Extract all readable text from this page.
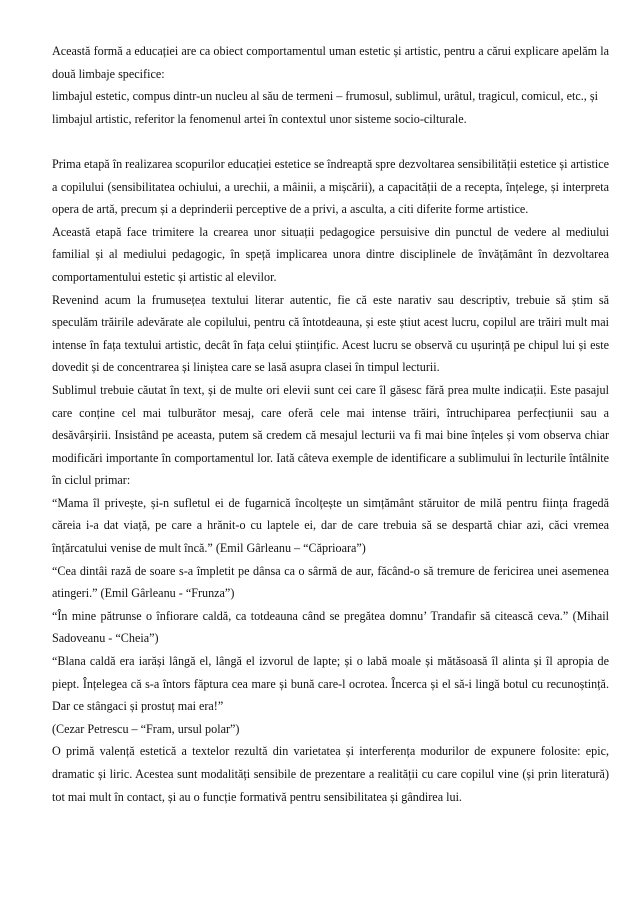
Această formă a educației are ca obiect comportamentul uman estetic și artistic, pentru a cărui explicare apelăm la două limbaje specifice:

limbajul estetic, compus dintr-un nucleu al său de termeni – frumosul, sublimul, urâtul, tragicul, comicul, etc., și

limbajul artistic, referitor la fenomenul artei în contextul unor sisteme socio-cilturale.

Prima etapă în realizarea scopurilor educației estetice se îndreaptă spre dezvoltarea sensibilității estetice și artistice a copilului (sensibilitatea ochiului, a urechii, a mâinii, a mișcării), a capacității de a recepta, înțelege, și interpreta opera de artă, precum și a deprinderii perceptive de a privi, a asculta, a citi diferite forme artistice.

Această etapă face trimitere la crearea unor situații pedagogice persuisive din punctul de vedere al mediului familial și al mediului pedagogic, în speță implicarea unora dintre disciplinele de învățământ în dezvoltarea comportamentului estetic și artistic al elevilor.

Revenind acum la frumusețea textului literar autentic, fie că este narativ sau descriptiv, trebuie să știm să speculăm trăirile adevărate ale copilului, pentru că întotdeauna, și este știut acest lucru, copilul are trăiri mult mai intense în fața textului artistic, decât în fața celui științific. Acest lucru se observă cu ușurință pe chipul lui și este dovedit și de concentrarea și liniștea care se lasă asupra clasei în timpul lecturii.

Sublimul trebuie căutat în text, și de multe ori elevii sunt cei care îl găsesc fără prea multe indicații. Este pasajul care conține cel mai tulburător mesaj, care oferă cele mai intense trăiri, întruchiparea perfecțiunii sau a desăvârșirii. Insistând pe aceasta, putem să credem că mesajul lecturii va fi mai bine înțeles și vom observa chiar modificări importante în comportamentul lor. Iată câteva exemple de identificare a sublimului în lecturile întâlnite în ciclul primar:

“Mama îl privește, și-n sufletul ei de fugarnică încolțește un simțământ stăruitor de milă pentru ființa fragedă căreia i-a dat viață, pe care a hrănit-o cu laptele ei, dar de care trebuia să se despartă chiar azi, căci vremea înțărcatului venise de mult încă.” (Emil Gârleanu – “Căprioara”)

“Cea dintâi rază de soare s-a împletit pe dânsa ca o sârmă de aur, făcând-o să tremure de fericirea unei asemenea atingeri.” (Emil Gârleanu - “Frunza”)

“În mine pătrunse o înfiorare caldă, ca totdeauna când se pregătea domnu’ Trandafir să citească ceva.” (Mihail Sadoveanu - “Cheia”)

“Blana caldă era iarăși lângă el, lângă el izvorul de lapte; și o labă moale și mătăsoasă îl alinta și îl apropia de piept. Înțelegea că s-a întors făptura cea mare și bună care-l ocrotea. Încerca și el să-i lingă botul cu recunoștință. Dar ce stângaci și prostuț mai era!”

(Cezar Petrescu – “Fram, ursul polar”)

O primă valență estetică a textelor rezultă din varietatea și interferența modurilor de expunere folosite: epic, dramatic și liric. Acestea sunt modalități sensibile de prezentare a realității cu care copilul vine (și prin literatură) tot mai mult în contact, și au o funcție formativă pentru sensibilitatea și gândirea lui.
